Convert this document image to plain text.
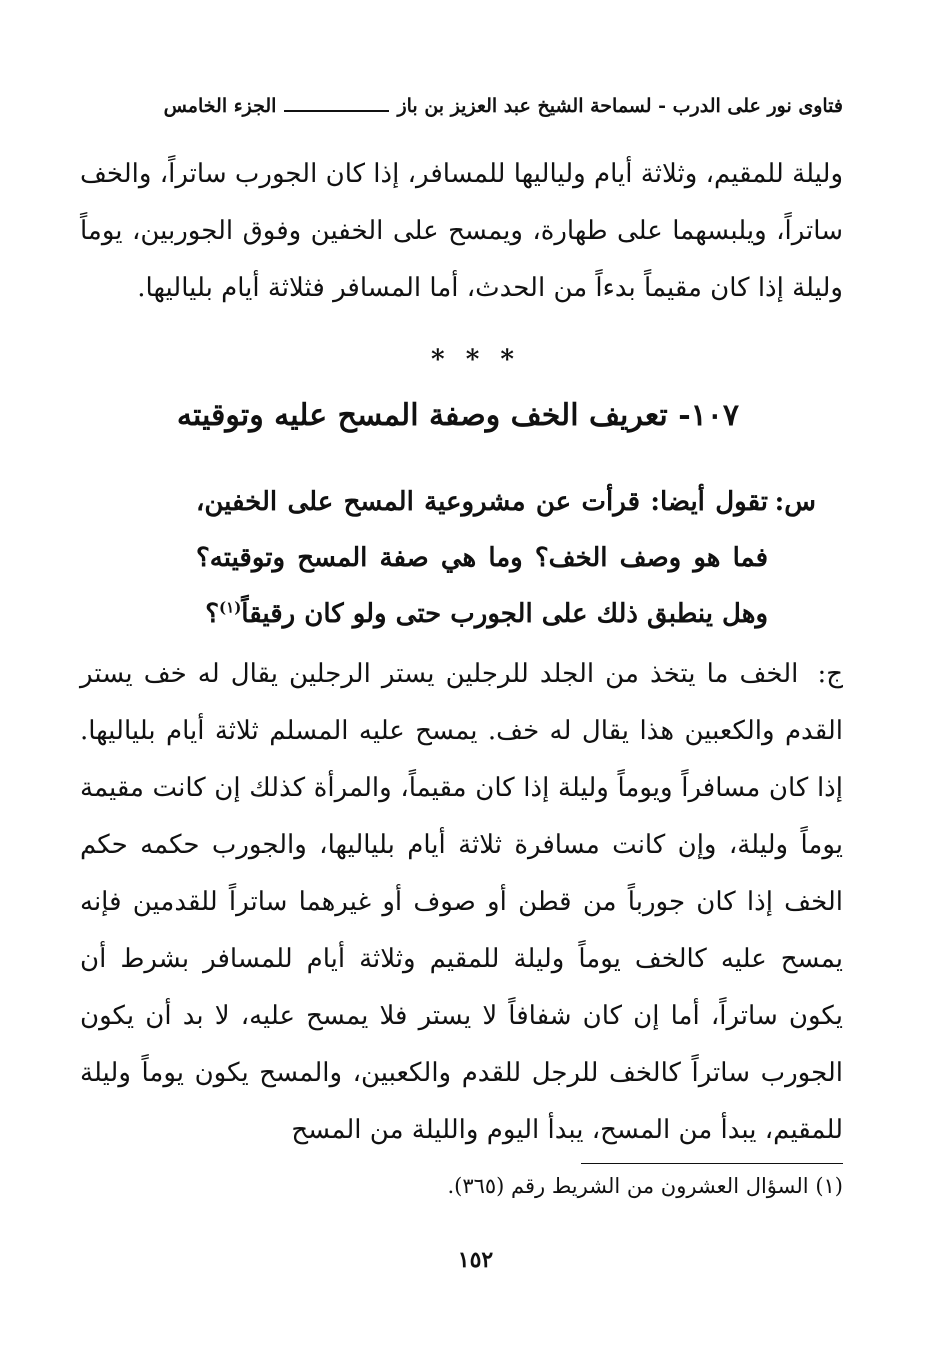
فتاوى نور على الدرب - لسماحة الشيخ عبد العزيز بن باز
الجزء الخامس
وليلة للمقيم، وثلاثة أيام ولياليها للمسافر، إذا كان الجورب ساتراً، والخف ساتراً، ويلبسهما على طهارة، ويمسح على الخفين وفوق الجوربين، يوماً وليلة إذا كان مقيماً بدءاً من الحدث، أما المسافر فثلاثة أيام بلياليها.
* * *
١٠٧- تعريف الخف وصفة المسح عليه وتوقيته
س:
تقول أيضا: قرأت عن مشروعية المسح على الخفين، فما هو وصف الخف؟ وما هي صفة المسح وتوقيته؟ وهل ينطبق ذلك على الجورب حتى ولو كان رقيقاً$^{(١)}$؟
ج: الخف ما يتخذ من الجلد للرجلين يستر الرجلين يقال له خف يستر القدم والكعبين هذا يقال له خف. يمسح عليه المسلم ثلاثة أيام بلياليها. إذا كان مسافراً ويوماً وليلة إذا كان مقيماً، والمرأة كذلك إن كانت مقيمة يوماً وليلة، وإن كانت مسافرة ثلاثة أيام بلياليها، والجورب حكمه حكم الخف إذا كان جورباً من قطن أو صوف أو غيرهما ساتراً للقدمين فإنه يمسح عليه كالخف يوماً وليلة للمقيم وثلاثة أيام للمسافر بشرط أن يكون ساتراً، أما إن كان شفافاً لا يستر فلا يمسح عليه، لا بد أن يكون الجورب ساتراً كالخف للرجل للقدم والكعبين، والمسح يكون يوماً وليلة للمقيم، يبدأ من المسح، يبدأ اليوم والليلة من المسح
(١) السؤال العشرون من الشريط رقم (٣٦٥).
١٥٢
